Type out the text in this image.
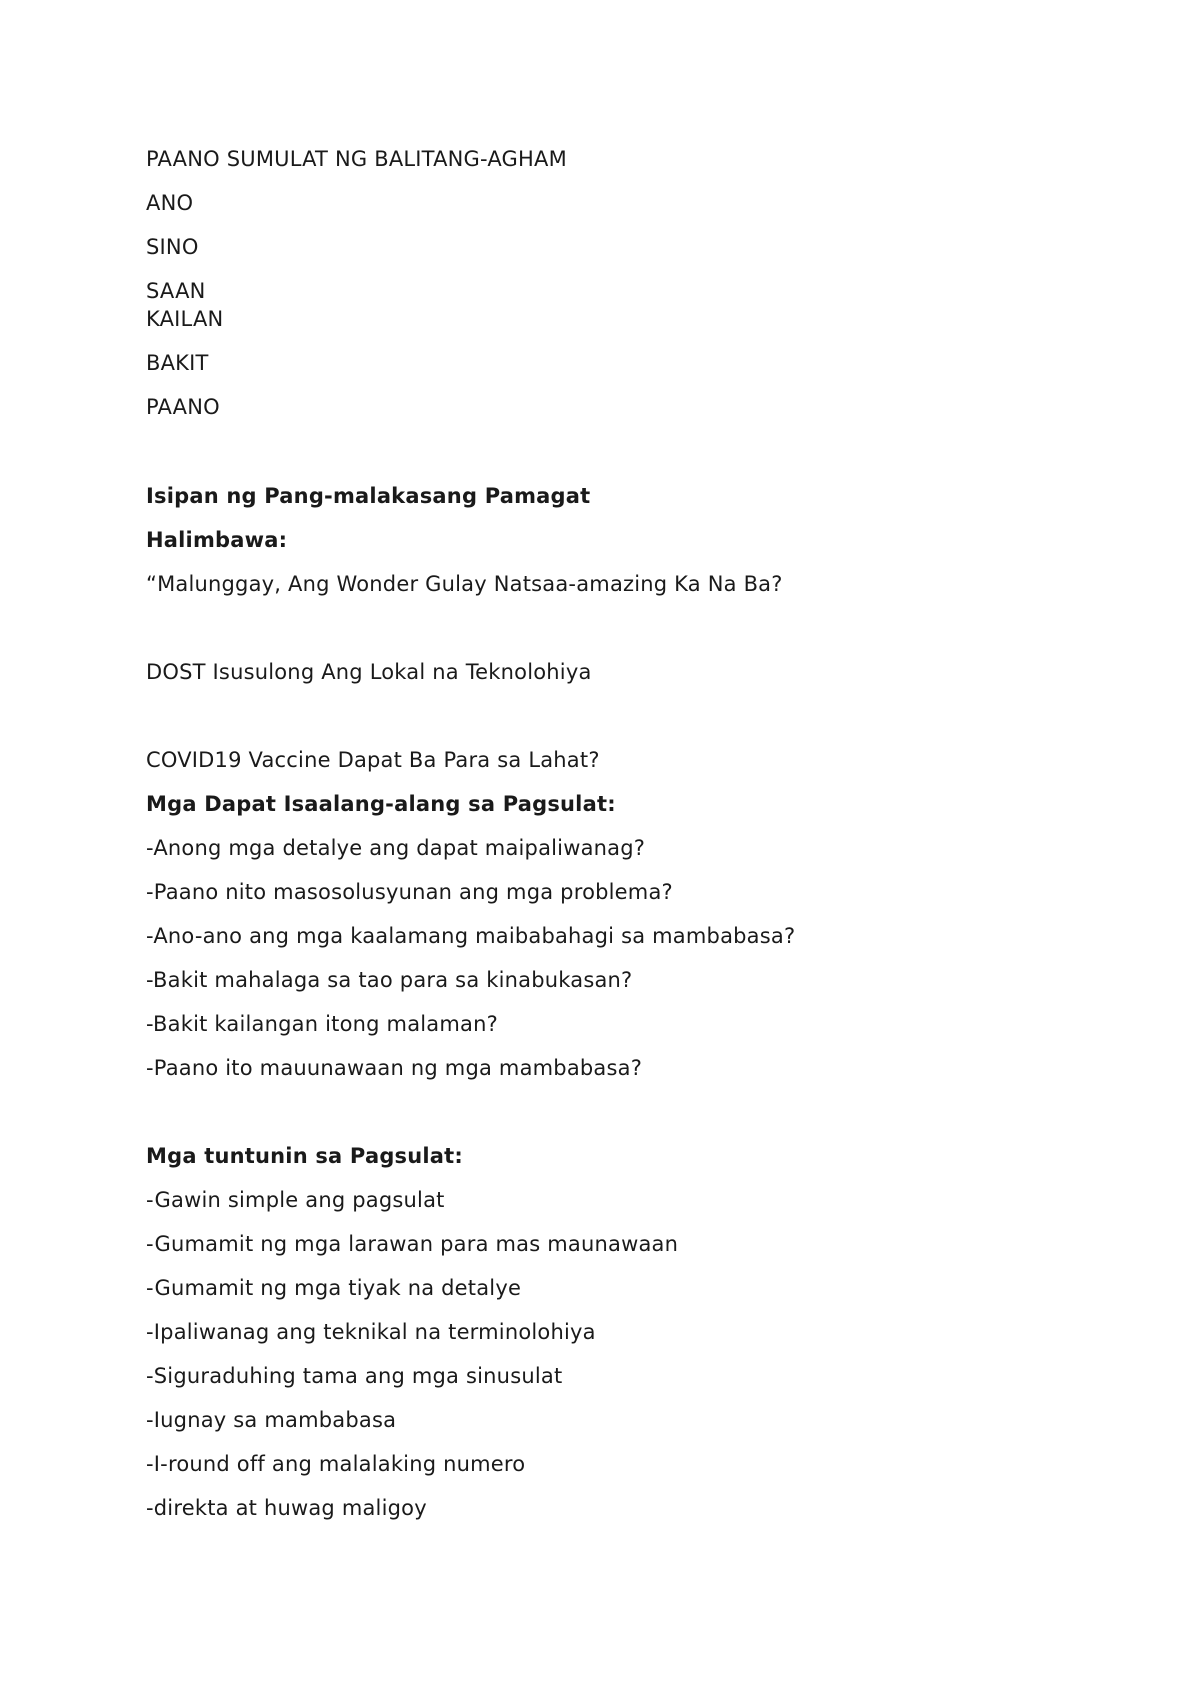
PAANO SUMULAT NG BALITANG-AGHAM
ANO
SINO
SAAN
KAILAN
BAKIT
PAANO
Isipan ng Pang-malakasang Pamagat
Halimbawa:
“Malunggay, Ang Wonder Gulay Natsaa-amazing Ka Na Ba?
DOST Isusulong Ang Lokal na Teknolohiya
COVID19 Vaccine Dapat Ba Para sa Lahat?
Mga Dapat Isaalang-alang sa Pagsulat:
-Anong mga detalye ang dapat maipaliwanag?
-Paano nito masosolusyunan ang mga problema?
-Ano-ano ang mga kaalamang maibabahagi sa mambabasa?
-Bakit mahalaga sa tao para sa kinabukasan?
-Bakit kailangan itong malaman?
-Paano ito mauunawaan ng mga mambabasa?
Mga tuntunin sa Pagsulat:
-Gawin simple ang pagsulat
-Gumamit ng mga larawan para mas maunawaan
-Gumamit ng mga tiyak na detalye
-Ipaliwanag ang teknikal na terminolohiya
-Siguraduhing tama ang mga sinusulat
-Iugnay sa mambabasa
-I-round off ang malalaking numero
-direkta at huwag maligoy
